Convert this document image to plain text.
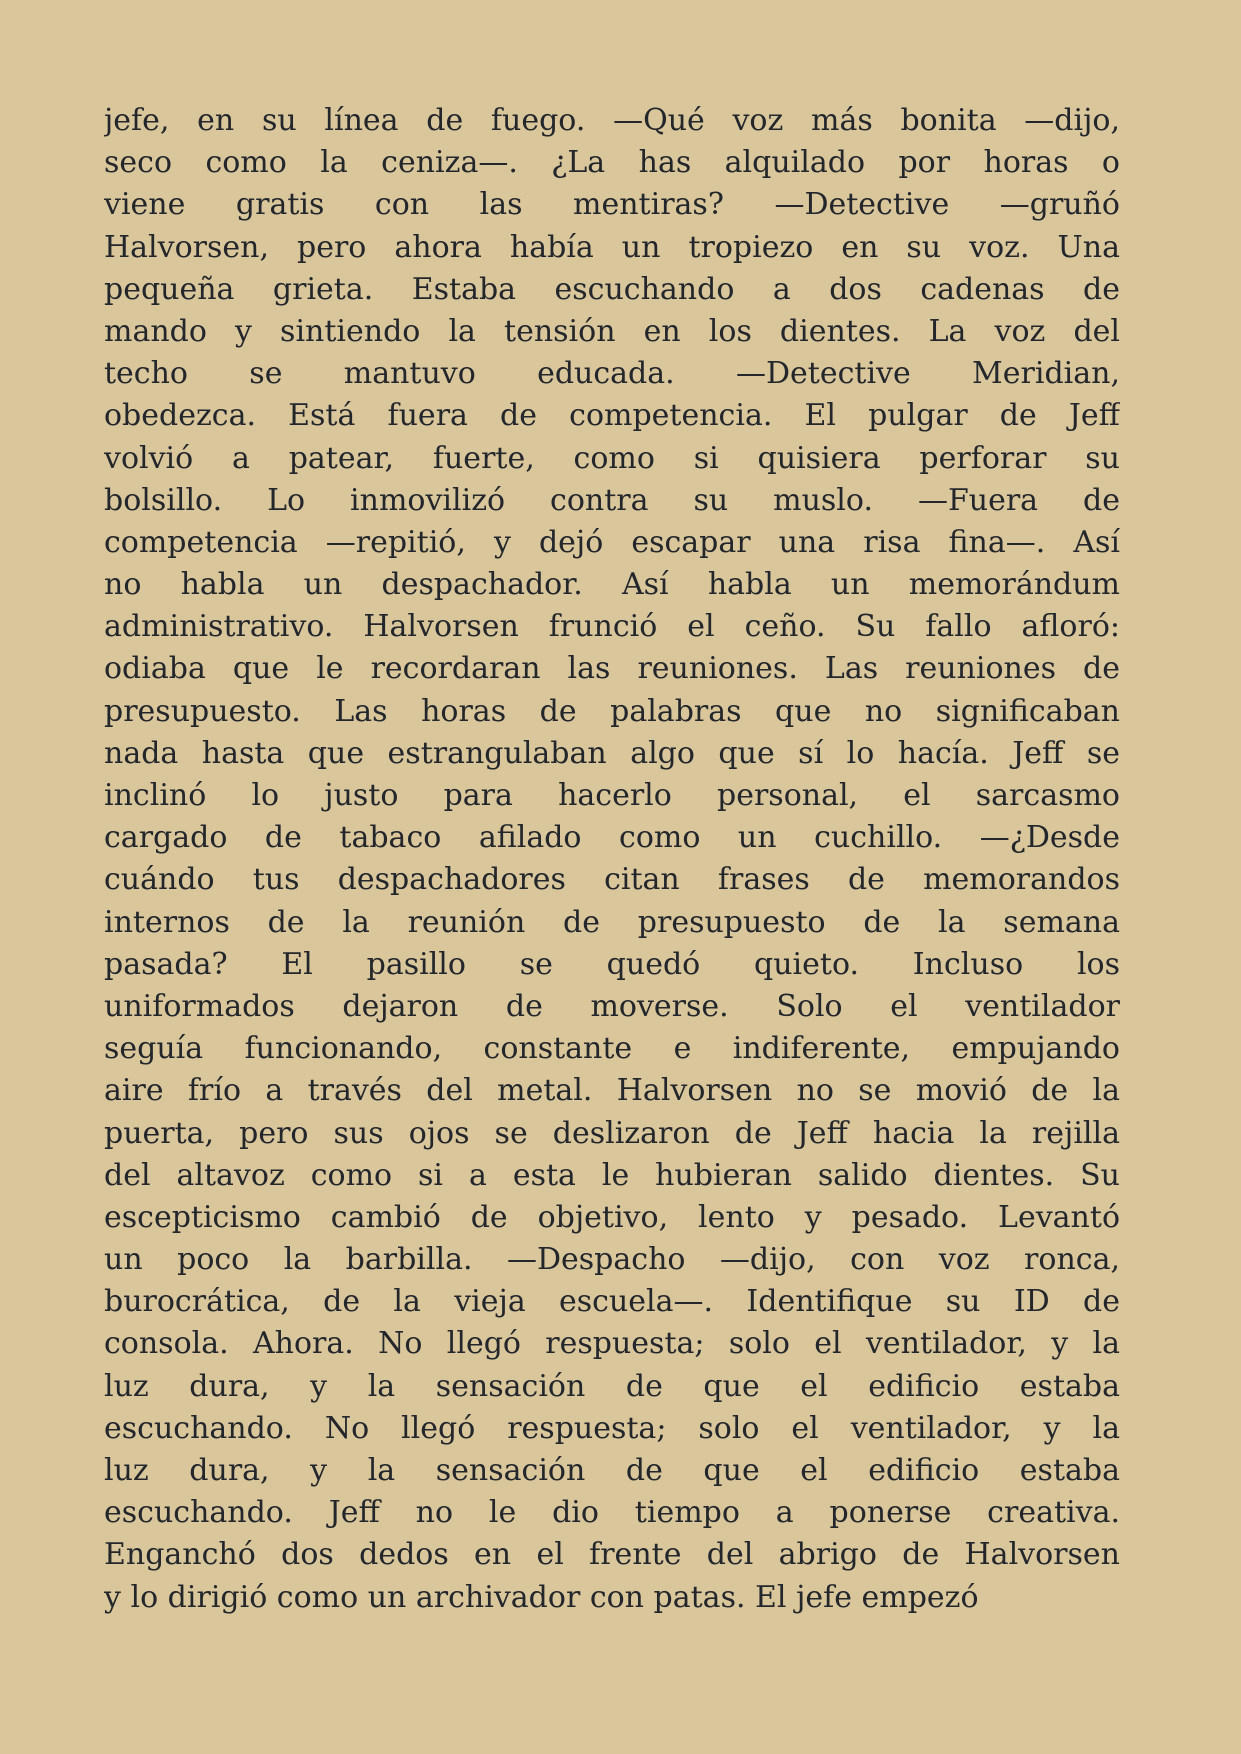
jefe, en su línea de fuego. —Qué voz más bonita —dijo,
seco como la ceniza—. ¿La has alquilado por horas o
viene gratis con las mentiras? —Detective —gruñó
Halvorsen, pero ahora había un tropiezo en su voz. Una
pequeña grieta. Estaba escuchando a dos cadenas de
mando y sintiendo la tensión en los dientes. La voz del
techo se mantuvo educada. —Detective Meridian,
obedezca. Está fuera de competencia. El pulgar de Jeff
volvió a patear, fuerte, como si quisiera perforar su
bolsillo. Lo inmovilizó contra su muslo. —Fuera de
competencia —repitió, y dejó escapar una risa fina—. Así
no habla un despachador. Así habla un memorándum
administrativo. Halvorsen frunció el ceño. Su fallo afloró:
odiaba que le recordaran las reuniones. Las reuniones de
presupuesto. Las horas de palabras que no significaban
nada hasta que estrangulaban algo que sí lo hacía. Jeff se
inclinó lo justo para hacerlo personal, el sarcasmo
cargado de tabaco afilado como un cuchillo. —¿Desde
cuándo tus despachadores citan frases de memorandos
internos de la reunión de presupuesto de la semana
pasada? El pasillo se quedó quieto. Incluso los
uniformados dejaron de moverse. Solo el ventilador
seguía funcionando, constante e indiferente, empujando
aire frío a través del metal. Halvorsen no se movió de la
puerta, pero sus ojos se deslizaron de Jeff hacia la rejilla
del altavoz como si a esta le hubieran salido dientes. Su
escepticismo cambió de objetivo, lento y pesado. Levantó
un poco la barbilla. —Despacho —dijo, con voz ronca,
burocrática, de la vieja escuela—. Identifique su ID de
consola. Ahora. No llegó respuesta; solo el ventilador, y la
luz dura, y la sensación de que el edificio estaba
escuchando. No llegó respuesta; solo el ventilador, y la
luz dura, y la sensación de que el edificio estaba
escuchando. Jeff no le dio tiempo a ponerse creativa.
Enganchó dos dedos en el frente del abrigo de Halvorsen
y lo dirigió como un archivador con patas. El jefe empezó
